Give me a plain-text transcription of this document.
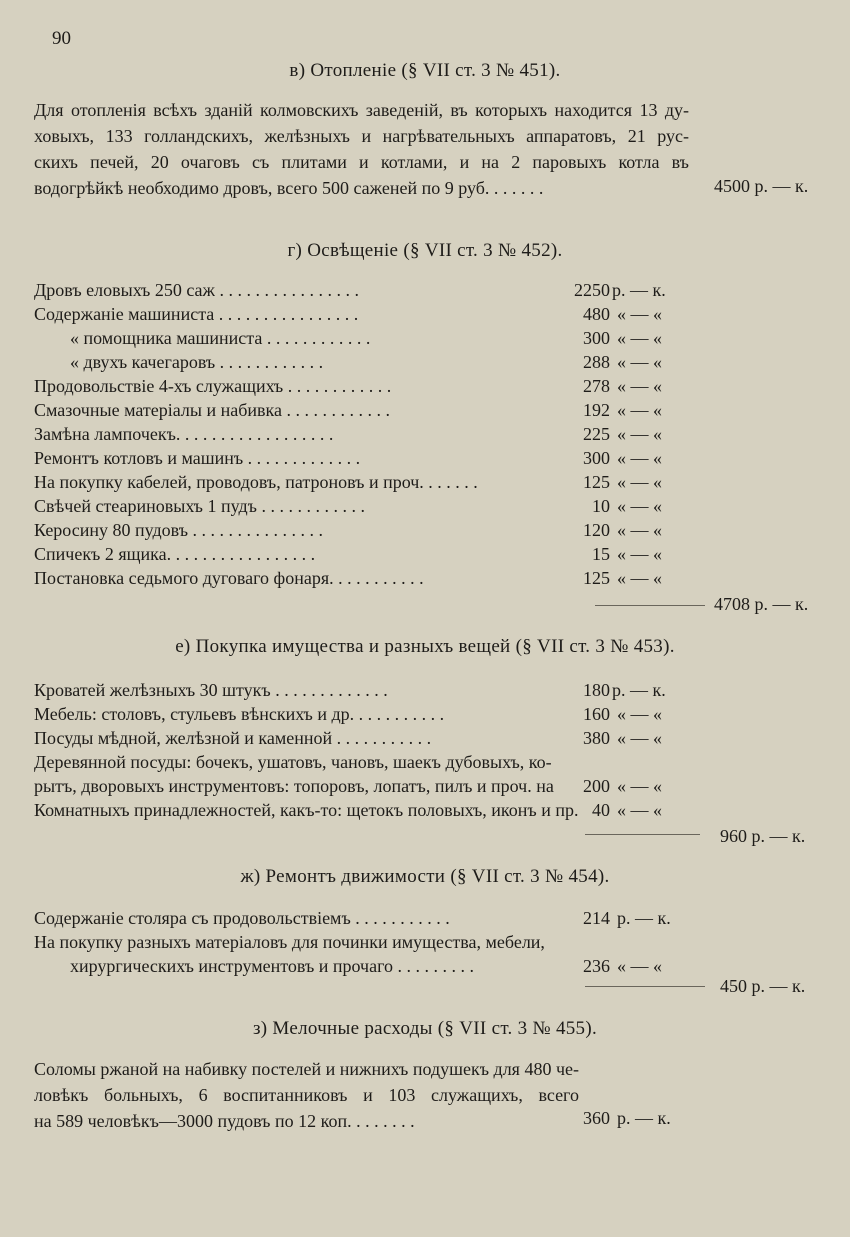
90
в) Отопленіе (§ VII ст. 3 № 451).
Для отопленія всѣхъ зданій колмовскихъ заведеній, въ которыхъ находится 13 ду-
ховыхъ, 133 голландскихъ, желѣзныхъ и нагрѣвательныхъ аппаратовъ, 21 рус-
скихъ печей, 20 очаговъ съ плитами и котлами, и на 2 паровыхъ котла въ
водогрѣйкѣ необходимо дровъ, всего 500 саженей по 9 руб. . . . . . .	4500 р. — к.
г) Освѣщеніе (§ VII ст. 3 № 452).
Дровъ еловыхъ 250 саж . . . . . . . . . . . . . . . .	2250 р. — к.
Содержаніе машиниста . . . . . . . . . . . . . . . .	480 « — «
« помощника машиниста . . . . . . . . . . . .	300 « — «
« двухъ качегаровъ . . . . . . . . . . . .	288 « — «
Продовольствіе 4-хъ служащихъ . . . . . . . . . . . .	278 « — «
Смазочные матеріалы и набивка . . . . . . . . . . . .	192 « — «
Замѣна лампочекъ. . . . . . . . . . . . . . . . . .	225 « — «
Ремонтъ котловъ и машинъ . . . . . . . . . . . . .	300 « — «
На покупку кабелей, проводовъ, патроновъ и проч. . . . . . .	125 « — «
Свѣчей стеариновыхъ 1 пудъ . . . . . . . . . . . .	10 « — «
Керосину 80 пудовъ . . . . . . . . . . . . . . .	120 « — «
Спичекъ 2 ящика. . . . . . . . . . . . . . . . .	15 « — «
Постановка седьмого дуговаго фонаря. . . . . . . . . . .	125 « — «
4708 р. — к.
е) Покупка имущества и разныхъ вещей (§ VII ст. 3 № 453).
Кроватей желѣзныхъ 30 штукъ . . . . . . . . . . . . .	180 р. — к.
Мебель: столовъ, стульевъ вѣнскихъ и др. . . . . . . . . . .	160 « — «
Посуды мѣдной, желѣзной и каменной . . . . . . . . . . .	380 « — «
Деревянной посуды: бочекъ, ушатовъ, чановъ, шаекъ дубовыхъ, ко-
рытъ, дворовыхъ инструментовъ: топоровъ, лопатъ, пилъ и проч. на	200 « — «
Комнатныхъ принадлежностей, какъ-то: щетокъ половыхъ, иконъ и пр. 40 « — «
960 р. — к.
ж) Ремонтъ движимости (§ VII ст. 3 № 454).
Содержаніе столяра съ продовольствіемъ . . . . . . . . . . .	214 р. — к.
На покупку разныхъ матеріаловъ для починки имущества, мебели,
хирургическихъ инструментовъ и прочаго . . . . . . . . .	236 « — «
450 р. — к.
з) Мелочные расходы (§ VII ст. 3 № 455).
Соломы ржаной на набивку постелей и нижнихъ подушекъ для 480 че-
ловѣкъ больныхъ, 6 воспитанниковъ и 103 служащихъ, всего
на 589 человѣкъ—3000 пудовъ по 12 коп. . . . . . . .	360 р. — к.
